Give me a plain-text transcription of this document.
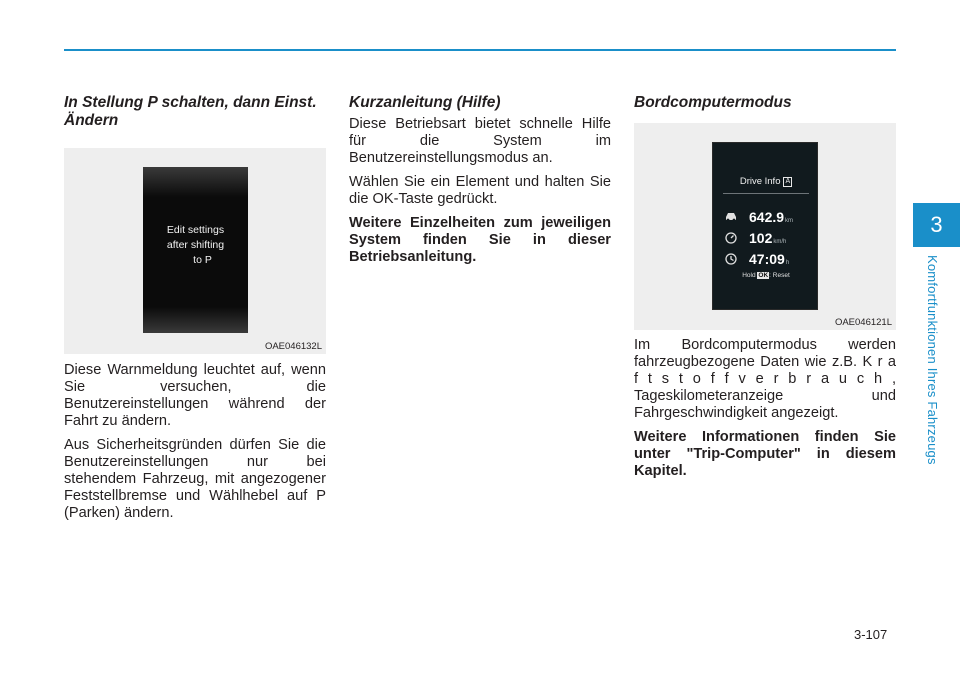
In Stellung P schalten, dann Einst. Ändern
Edit settings
after shifting
to P
OAE046132L

Diese Warnmeldung leuchtet auf, wenn Sie versuchen, die Benutzereinstellungen während der Fahrt zu ändern.

Aus Sicherheitsgründen dürfen Sie die Benutzereinstellungen nur bei stehendem Fahrzeug, mit angezogener Feststellbremse und Wählhebel auf P (Parken) ändern.

Kurzanleitung (Hilfe)

Diese Betriebsart bietet schnelle Hilfe für die System im Benutzereinstellungsmodus an.

Wählen Sie ein Element und halten Sie die OK-Taste gedrückt.

Weitere Einzelheiten zum jeweiligen System finden Sie in dieser Betriebsanleitung.

Bordcomputermodus
Drive Info A
642.9km
102km/h
47:09h
Hold OK: Reset
OAE046121L

Im Bordcomputermodus werden fahrzeugbezogene Daten wie z.B. K r a f t s t o f f v e r b r a u c h , Tageskilometeranzeige und Fahrgeschwindigkeit angezeigt.

Weitere Informationen finden Sie unter "Trip-Computer" in diesem Kapitel.

3
Komfortfunktionen Ihres Fahrzeugs
3-107
